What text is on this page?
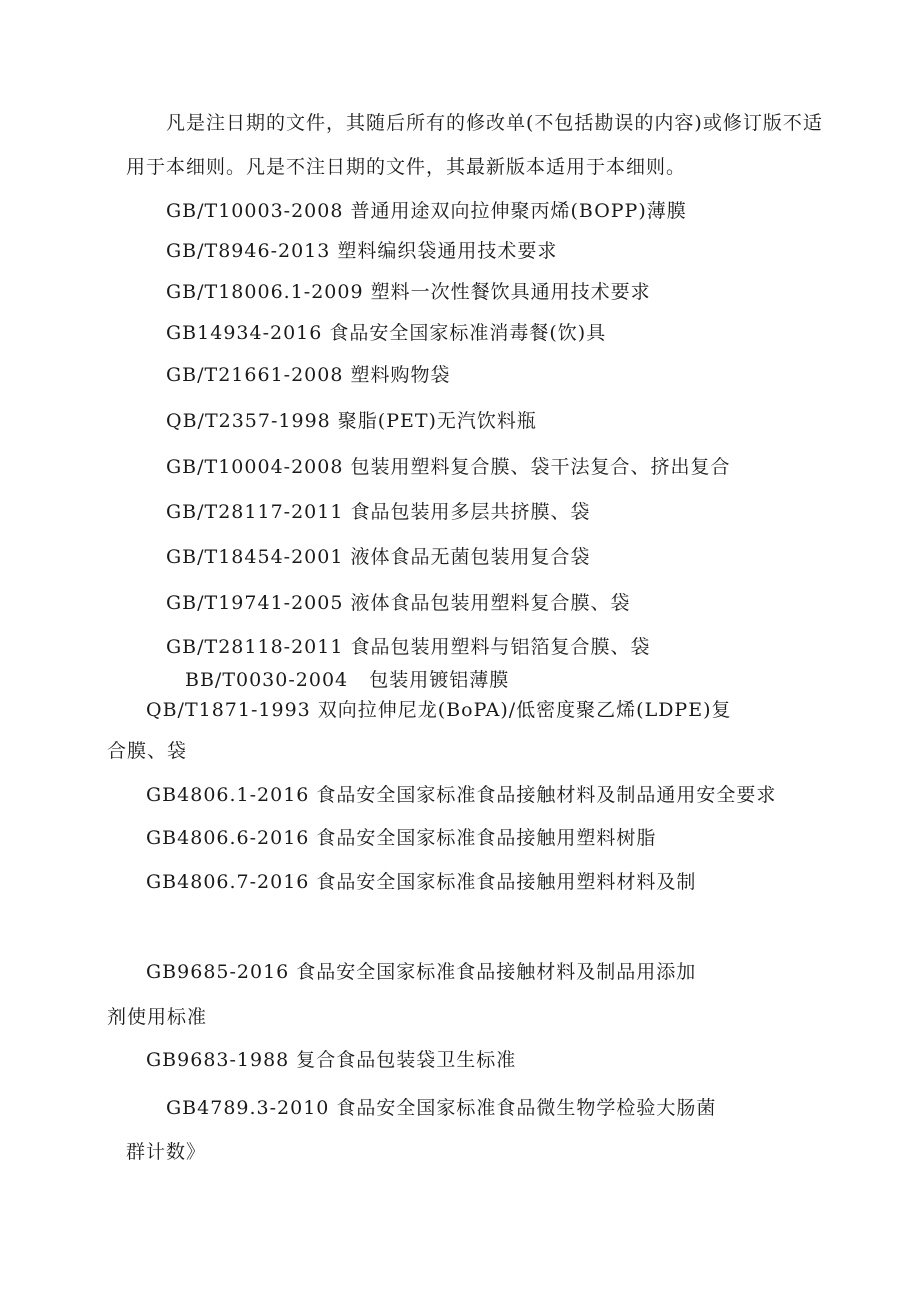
凡是注日期的文件，其随后所有的修改单(不包括勘误的内容)或修订版不适
用于本细则。凡是不注日期的文件，其最新版本适用于本细则。
GB/T10003-2008 普通用途双向拉伸聚丙烯(BOPP)薄膜
GB/T8946-2013 塑料编织袋通用技术要求
GB/T18006.1-2009 塑料一次性餐饮具通用技术要求
GB14934-2016 食品安全国家标准消毒餐(饮)具
GB/T21661-2008 塑料购物袋
QB/T2357-1998 聚脂(PET)无汽饮料瓶
GB/T10004-2008 包装用塑料复合膜、袋干法复合、挤出复合
GB/T28117-2011 食品包装用多层共挤膜、袋
GB/T18454-2001 液体食品无菌包装用复合袋
GB/T19741-2005 液体食品包装用塑料复合膜、袋
GB/T28118-2011 食品包装用塑料与铝箔复合膜、袋
BB/T0030-2004   包装用镀铝薄膜
QB/T1871-1993 双向拉伸尼龙(BoPA)/低密度聚乙烯(LDPE)复
合膜、袋
GB4806.1-2016 食品安全国家标准食品接触材料及制品通用安全要求
GB4806.6-2016 食品安全国家标准食品接触用塑料树脂
GB4806.7-2016 食品安全国家标准食品接触用塑料材料及制
GB9685-2016 食品安全国家标准食品接触材料及制品用添加
剂使用标准
GB9683-1988 复合食品包装袋卫生标准
GB4789.3-2010 食品安全国家标准食品微生物学检验大肠菌
群计数》
